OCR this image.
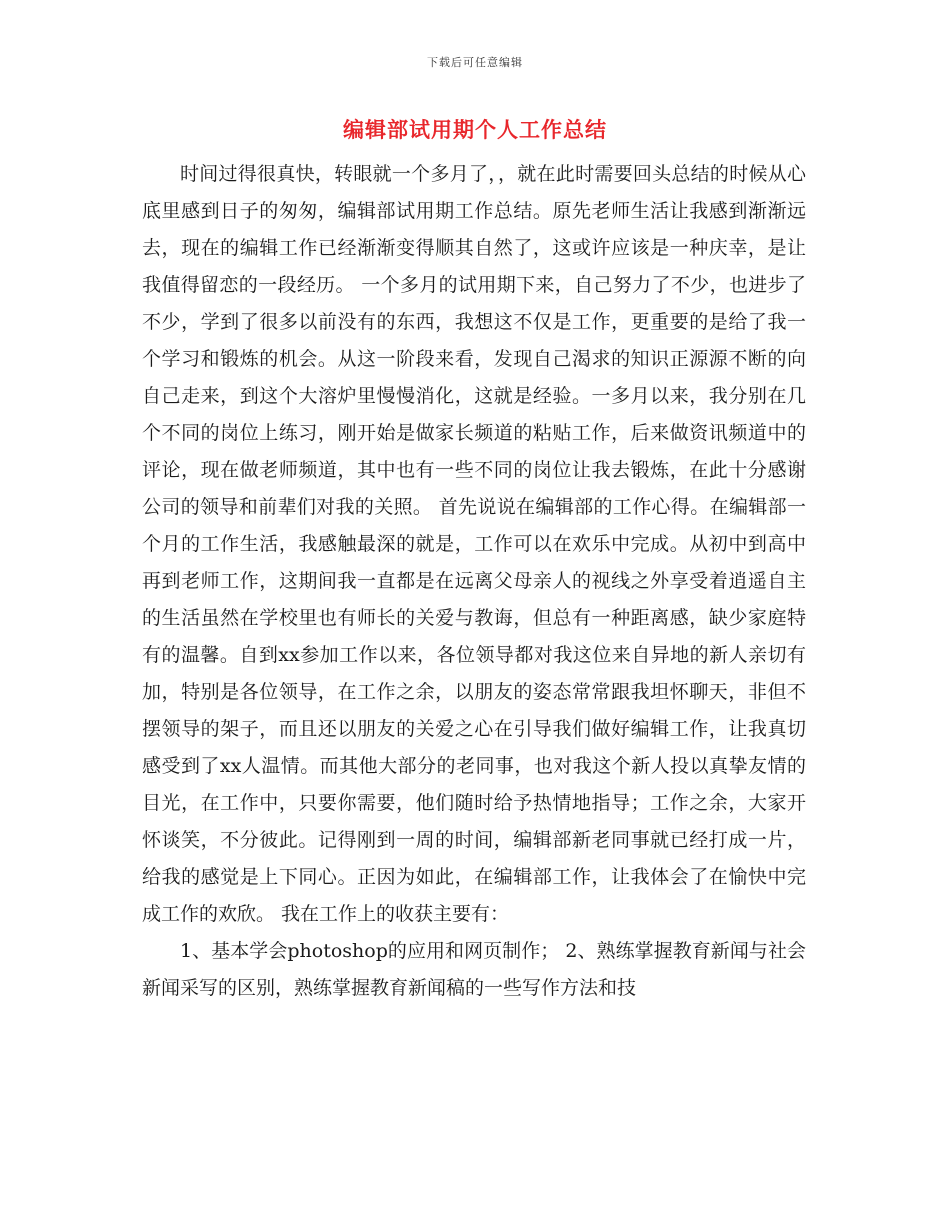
下载后可任意编辑
编辑部试用期个人工作总结

时间过得很真快，转眼就一个多月了，，就在此时需要回头总结的时候从心底里感到日子的匆匆，编辑部试用期工作总结。原先老师生活让我感到渐渐远去，现在的编辑工作已经渐渐变得顺其自然了，这或许应该是一种庆幸，是让我值得留恋的一段经历。 一个多月的试用期下来，自己努力了不少，也进步了不少，学到了很多以前没有的东西，我想这不仅是工作，更重要的是给了我一个学习和锻炼的机会。从这一阶段来看，发现自己渴求的知识正源源不断的向自己走来，到这个大溶炉里慢慢消化，这就是经验。一多月以来，我分别在几个不同的岗位上练习，刚开始是做家长频道的粘贴工作，后来做资讯频道中的评论，现在做老师频道，其中也有一些不同的岗位让我去锻炼，在此十分感谢公司的领导和前辈们对我的关照。 首先说说在编辑部的工作心得。在编辑部一个月的工作生活，我感触最深的就是，工作可以在欢乐中完成。从初中到高中再到老师工作，这期间我一直都是在远离父母亲人的视线之外享受着逍遥自主的生活虽然在学校里也有师长的关爱与教诲，但总有一种距离感，缺少家庭特有的温馨。自到xx参加工作以来，各位领导都对我这位来自异地的新人亲切有加，特别是各位领导，在工作之余，以朋友的姿态常常跟我坦怀聊天，非但不摆领导的架子，而且还以朋友的关爱之心在引导我们做好编辑工作，让我真切感受到了xx人温情。而其他大部分的老同事，也对我这个新人投以真挚友情的目光，在工作中，只要你需要，他们随时给予热情地指导；工作之余，大家开怀谈笑，不分彼此。记得刚到一周的时间，编辑部新老同事就已经打成一片，给我的感觉是上下同心。正因为如此，在编辑部工作，让我体会了在愉快中完成工作的欢欣。 我在工作上的收获主要有：

1、基本学会photoshop的应用和网页制作； 2、熟练掌握教育新闻与社会新闻采写的区别，熟练掌握教育新闻稿的一些写作方法和技
